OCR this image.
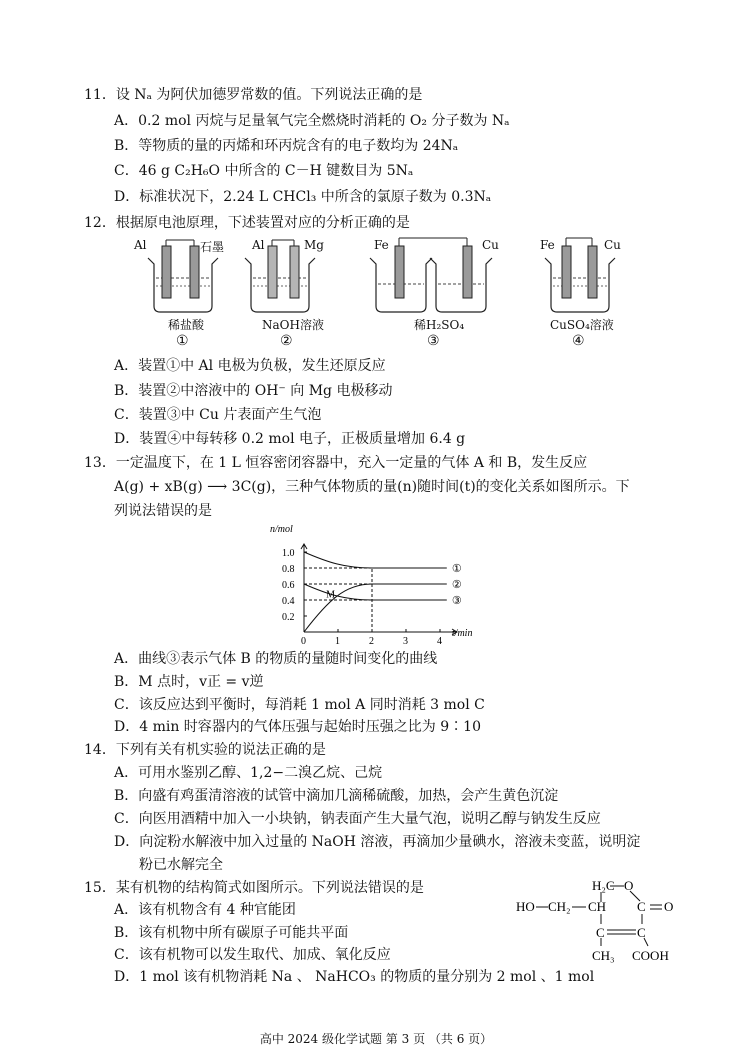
11．设 Nₐ 为阿伏加德罗常数的值。下列说法正确的是
A．0.2 mol 丙烷与足量氧气完全燃烧时消耗的 O₂ 分子数为 Nₐ
B．等物质的量的丙烯和环丙烷含有的电子数均为 24Nₐ
C．46 g C₂H₆O 中所含的 C－H 键数目为 5Nₐ
D．标准状况下，2.24 L CHCl₃ 中所含的氯原子数为 0.3Nₐ
12．根据原电池原理，下述装置对应的分析正确的是
Al	石墨
稀盐酸
①
Al	Mg
NaOH溶液
②
Fe	Cu
稀H₂SO₄
③
Fe	Cu
CuSO₄溶液
④
A．装置①中 Al 电极为负极，发生还原反应
B．装置②中溶液中的 OH⁻ 向 Mg 电极移动
C．装置③中 Cu 片表面产生气泡
D．装置④中每转移 0.2 mol 电子，正极质量增加 6.4 g
13．一定温度下，在 1 L 恒容密闭容器中，充入一定量的气体 A 和 B，发生反应
A(g) + xB(g) ⟶ 3C(g)，三种气体物质的量(n)随时间(t)的变化关系如图所示。下
列说法错误的是
n/mol
t/min
0.2
0.4
0.6
0.8
1.0
0	1	2	3	4
①
②
③
M
A．曲线③表示气体 B 的物质的量随时间变化的曲线
B．M 点时，v正 = v逆
C．该反应达到平衡时，每消耗 1 mol A 同时消耗 3 mol C
D．4 min 时容器内的气体压强与起始时压强之比为 9∶10
14．下列有关有机实验的说法正确的是
A．可用水鉴别乙醇、1,2−二溴乙烷、己烷
B．向盛有鸡蛋清溶液的试管中滴加几滴稀硫酸，加热，会产生黄色沉淀
C．向医用酒精中加入一小块钠，钠表面产生大量气泡，说明乙醇与钠发生反应
D．向淀粉水解液中加入过量的 NaOH 溶液，再滴加少量碘水，溶液未变蓝，说明淀
粉已水解完全
15．某有机物的结构简式如图所示。下列说法错误的是
A．该有机物含有 4 种官能团
B．该有机物中所有碳原子可能共平面
C．该有机物可以发生取代、加成、氧化反应
D．1 mol 该有机物消耗 Na 、 NaHCO₃ 的物质的量分别为 2 mol 、1 mol
H₂C O
HO CH₂ CH C O
C C
CH₃ COOH
高中 2024 级化学试题 第 3 页 （共 6 页）
